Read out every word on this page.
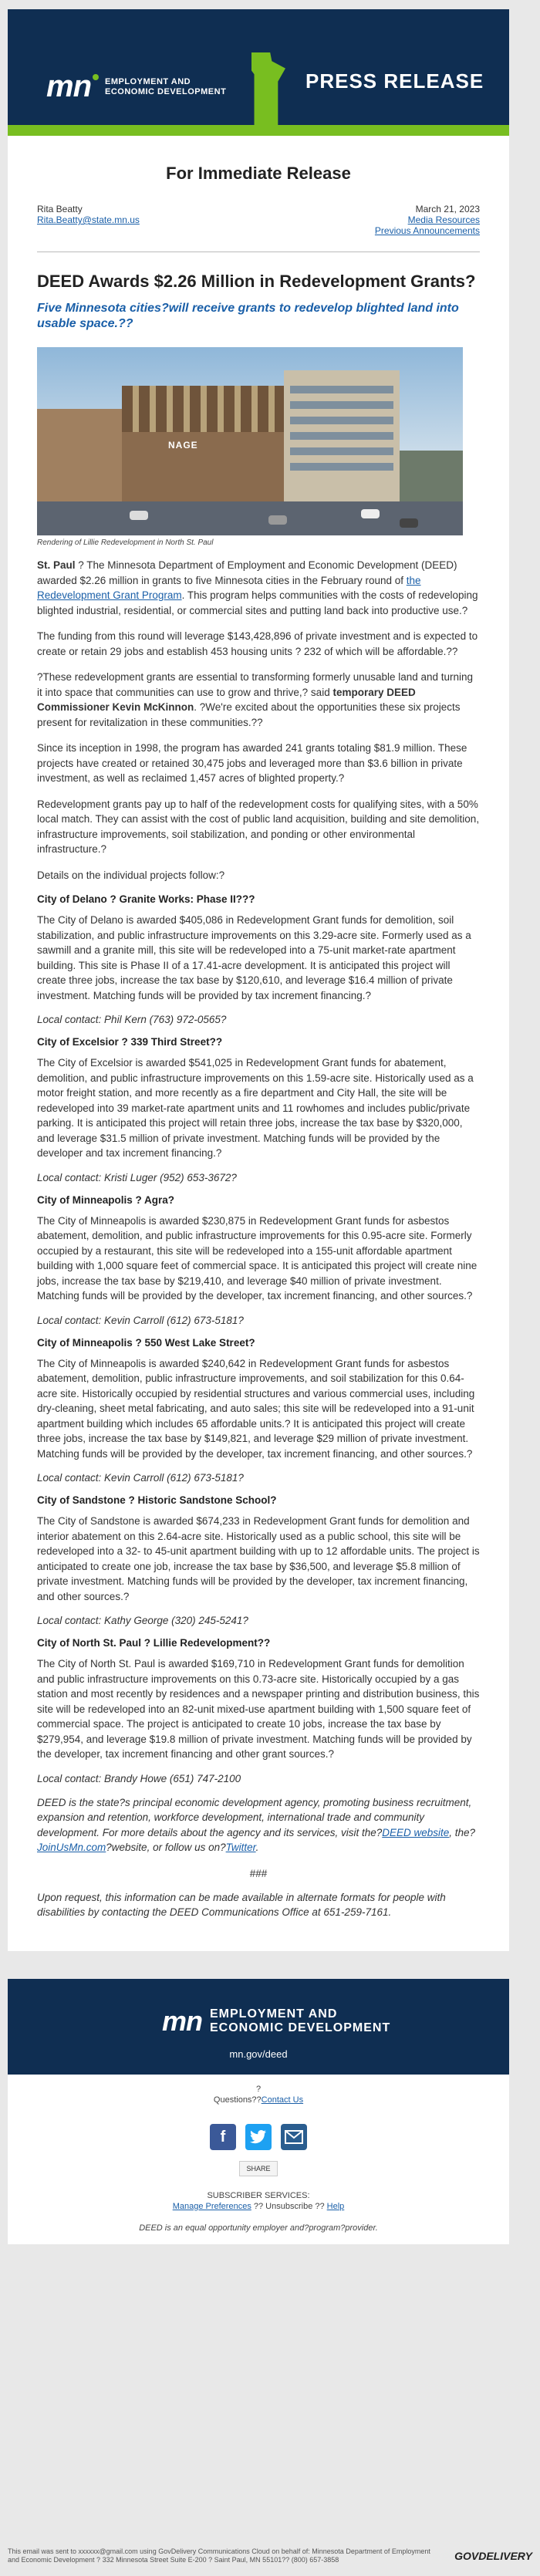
mn	EMPLOYMENT AND
ECONOMIC DEVELOPMENT	PRESS RELEASE
For Immediate Release
Rita Beatty
Rita.Beatty@state.mn.us
March 21, 2023
Media Resources
Previous Announcements
DEED Awards $2.26 Million in Redevelopment Grants?
Five Minnesota cities?will receive grants to redevelop blighted land into usable space.??
NAGE
Rendering of Lillie Redevelopment in North St. Paul

St. Paul ? The Minnesota Department of Employment and Economic Development (DEED) awarded $2.26 million in grants to five Minnesota cities in the February round of the Redevelopment Grant Program. This program helps communities with the costs of redeveloping blighted industrial, residential, or commercial sites and putting land back into productive use.?

The funding from this round will leverage $143,428,896 of private investment and is expected to create or retain 29 jobs and establish 453 housing units ? 232 of which will be affordable.??

?These redevelopment grants are essential to transforming formerly unusable land and turning it into space that communities can use to grow and thrive,? said temporary DEED Commissioner Kevin McKinnon. ?We're excited about the opportunities these six projects present for revitalization in these communities.??

Since its inception in 1998, the program has awarded 241 grants totaling $81.9 million. These projects have created or retained 30,475 jobs and leveraged more than $3.6 billion in private investment, as well as reclaimed 1,457 acres of blighted property.?

Redevelopment grants pay up to half of the redevelopment costs for qualifying sites, with a 50% local match. They can assist with the cost of public land acquisition, building and site demolition, infrastructure improvements, soil stabilization, and ponding or other environmental infrastructure.?

Details on the individual projects follow:?

City of Delano ? Granite Works: Phase II???

The City of Delano is awarded $405,086 in Redevelopment Grant funds for demolition, soil stabilization, and public infrastructure improvements on this 3.29-acre site. Formerly used as a sawmill and a granite mill, this site will be redeveloped into a 75-unit market-rate apartment building. This site is Phase II of a 17.41-acre development. It is anticipated this project will create three jobs, increase the tax base by $120,610, and leverage $16.4 million of private investment. Matching funds will be provided by tax increment financing.?

Local contact: Phil Kern (763) 972-0565?
City of Excelsior ? 339 Third Street??

The City of Excelsior is awarded $541,025 in Redevelopment Grant funds for abatement, demolition, and public infrastructure improvements on this 1.59-acre site. Historically used as a motor freight station, and more recently as a fire department and City Hall, the site will be redeveloped into 39 market-rate apartment units and 11 rowhomes and includes public/private parking. It is anticipated this project will retain three jobs, increase the tax base by $320,000, and leverage $31.5 million of private investment. Matching funds will be provided by the developer and tax increment financing.?

Local contact: Kristi Luger (952) 653-3672?
City of Minneapolis ? Agra?

The City of Minneapolis is awarded $230,875 in Redevelopment Grant funds for asbestos abatement, demolition, and public infrastructure improvements for this 0.95-acre site. Formerly occupied by a restaurant, this site will be redeveloped into a 155-unit affordable apartment building with 1,000 square feet of commercial space. It is anticipated this project will create nine jobs, increase the tax base by $219,410, and leverage $40 million of private investment. Matching funds will be provided by the developer, tax increment financing, and other sources.?

Local contact: Kevin Carroll (612) 673-5181?
City of Minneapolis ? 550 West Lake Street?

The City of Minneapolis is awarded $240,642 in Redevelopment Grant funds for asbestos abatement, demolition, public infrastructure improvements, and soil stabilization for this 0.64-acre site. Historically occupied by residential structures and various commercial uses, including dry-cleaning, sheet metal fabricating, and auto sales; this site will be redeveloped into a 91-unit apartment building which includes 65 affordable units.? It is anticipated this project will create three jobs, increase the tax base by $149,821, and leverage $29 million of private investment. Matching funds will be provided by the developer, tax increment financing, and other sources.?

Local contact: Kevin Carroll (612) 673-5181?
City of Sandstone ? Historic Sandstone School?

The City of Sandstone is awarded $674,233 in Redevelopment Grant funds for demolition and interior abatement on this 2.64-acre site. Historically used as a public school, this site will be redeveloped into a 32- to 45-unit apartment building with up to 12 affordable units. The project is anticipated to create one job, increase the tax base by $36,500, and leverage $5.8 million of private investment. Matching funds will be provided by the developer, tax increment financing, and other sources.?

Local contact: Kathy George (320) 245-5241?
City of North St. Paul ? Lillie Redevelopment??

The City of North St. Paul is awarded $169,710 in Redevelopment Grant funds for demolition and public infrastructure improvements on this 0.73-acre site. Historically occupied by a gas station and most recently by residences and a newspaper printing and distribution business, this site will be redeveloped into an 82-unit mixed-use apartment building with 1,500 square feet of commercial space. The project is anticipated to create 10 jobs, increase the tax base by $279,954, and leverage $19.8 million of private investment. Matching funds will be provided by the developer, tax increment financing and other grant sources.?

Local contact: Brandy Howe (651) 747-2100

DEED is the state?s principal economic development agency, promoting business recruitment, expansion and retention, workforce development, international trade and community development. For more details about the agency and its services, visit the?DEED website, the?JoinUsMn.com?website, or follow us on?Twitter.

###

Upon request, this information can be made available in alternate formats for people with disabilities by contacting the DEED Communications Office at 651-259-7161.

mn EMPLOYMENT AND
ECONOMIC DEVELOPMENT
mn.gov/deed
?
Questions??Contact Us
f
SHARE
SUBSCRIBER SERVICES:
Manage Preferences ?? Unsubscribe ?? Help
DEED is an equal opportunity employer and?program?provider.
This email was sent to xxxxxx@gmail.com using GovDelivery Communications Cloud on behalf of: Minnesota Department of Employment and Economic Development ? 332 Minnesota Street Suite E-200 ? Saint Paul, MN 55101?? (800) 657-3858	GOVDELIVERY
